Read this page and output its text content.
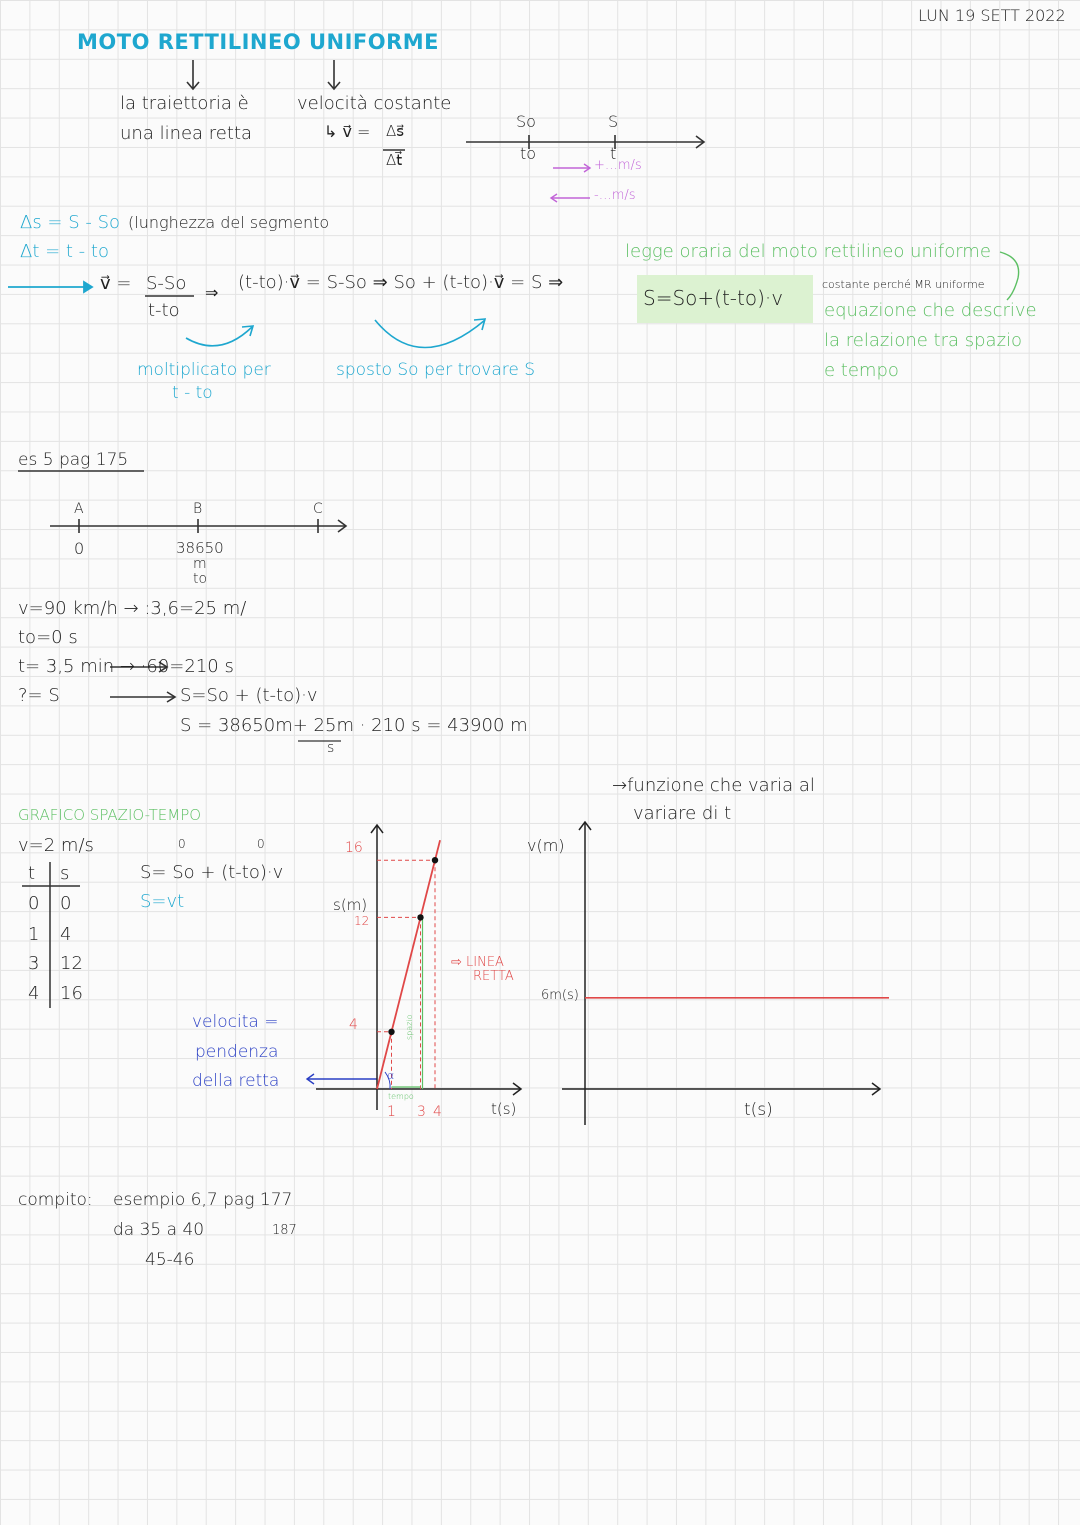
LUN 19 SETT 2022
MOTO RETTILINEO UNIFORME
la traiettoria è
una linea retta
velocità costante
↳ v⃗ = Δs⃗
Δt⃗
So	S
to	t
+…m/s
-…m/s
Δs = S - So (lunghezza del segmento
Δt = t - to
v⃗ = S-So
t-to
⇒ (t-to)·v⃗ = S-So ⇒ So + (t-to)·v⃗ = S ⇒
S=So+(t-to)·v
moltiplicato per
t - to
sposto So per trovare S
legge oraria del moto rettilineo uniforme
costante perché MR uniforme
equazione che descrive
la relazione tra spazio
e tempo
es 5 pag 175
A	B	C
0	38650
m
to
v=90 km/h → :3,6=25 m/
to=0 s
t= 3,5 min → ·60=210 s
?= S	S=So + (t-to)·v
S = 38650m+ 25m · 210 s = 43900 m
s
GRAFICO SPAZIO-TEMPO
v=2 m/s
t s
0 0
1 4
3 12
4 16
0	0
S= So + (t-to)·v
S=vt
velocita =
pendenza
della retta
→funzione che varia al
variare di t
⇨ LINEA
RETTA
α
tempo
spazio
s(m)
t(s)
4
12
16
1 3 4
v(m)
6m(s)
t(s)
compito: esempio 6,7 pag 177
da 35 a 40	187
45-46
